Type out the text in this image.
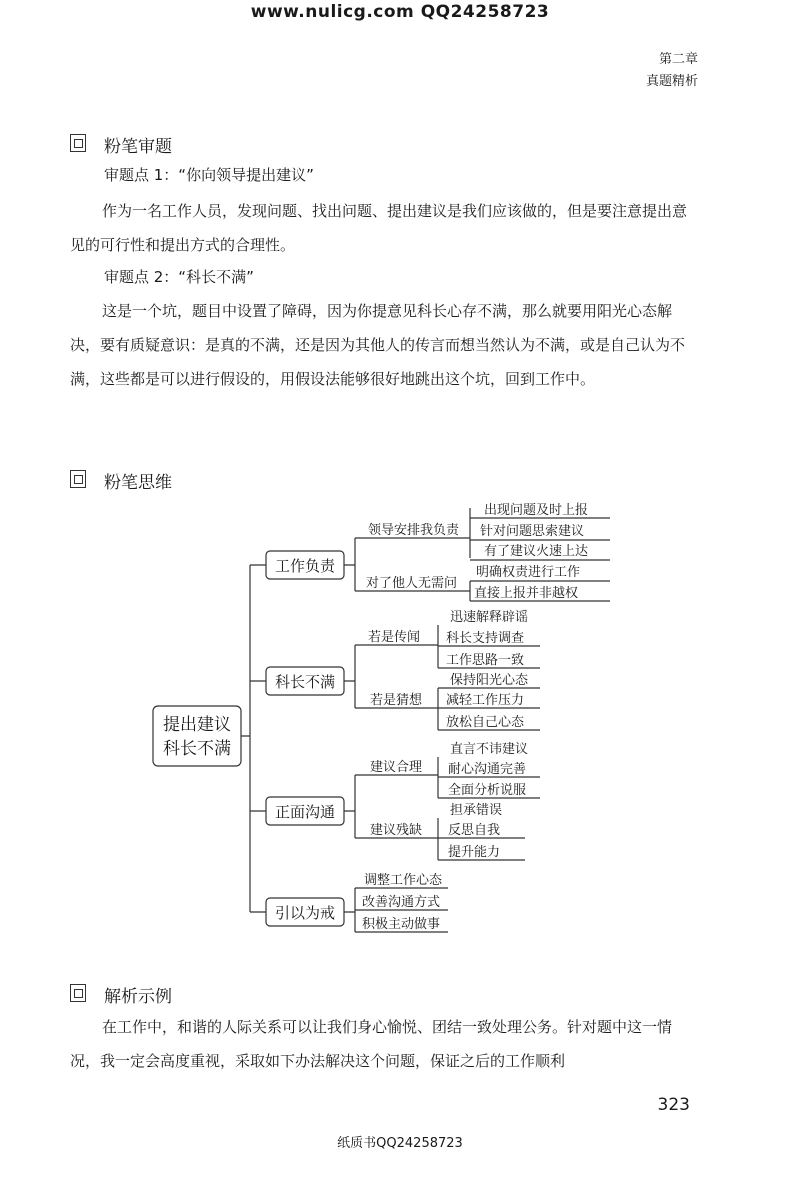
www.nulicg.com QQ24258723
第二章
真题精析
粉笔审题
审题点 1：“你向领导提出建议”
作为一名工作人员，发现问题、找出问题、提出建议是我们应该做的，但是要注意提出意见的可行性和提出方式的合理性。
审题点 2：“科长不满”
这是一个坑，题目中设置了障碍，因为你提意见科长心存不满，那么就要用阳光心态解决，要有质疑意识：是真的不满，还是因为其他人的传言而想当然认为不满，或是自己认为不满，这些都是可以进行假设的，用假设法能够很好地跳出这个坑，回到工作中。
粉笔思维
提出建议
科长不满
工作负责
科长不满
正面沟通
引以为戒
领导安排我负责
对了他人无需问
出现问题及时上报
针对问题思索建议
有了建议火速上达
明确权责进行工作
直接上报并非越权
若是传闻
若是猜想
迅速解释辟谣
科长支持调查
工作思路一致
保持阳光心态
减轻工作压力
放松自己心态
建议合理
建议残缺
直言不讳建议
耐心沟通完善
全面分析说服
担承错误
反思自我
提升能力
调整工作心态
改善沟通方式
积极主动做事
解析示例
在工作中，和谐的人际关系可以让我们身心愉悦、团结一致处理公务。针对题中这一情况，我一定会高度重视，采取如下办法解决这个问题，保证之后的工作顺利
323
纸质书QQ24258723
